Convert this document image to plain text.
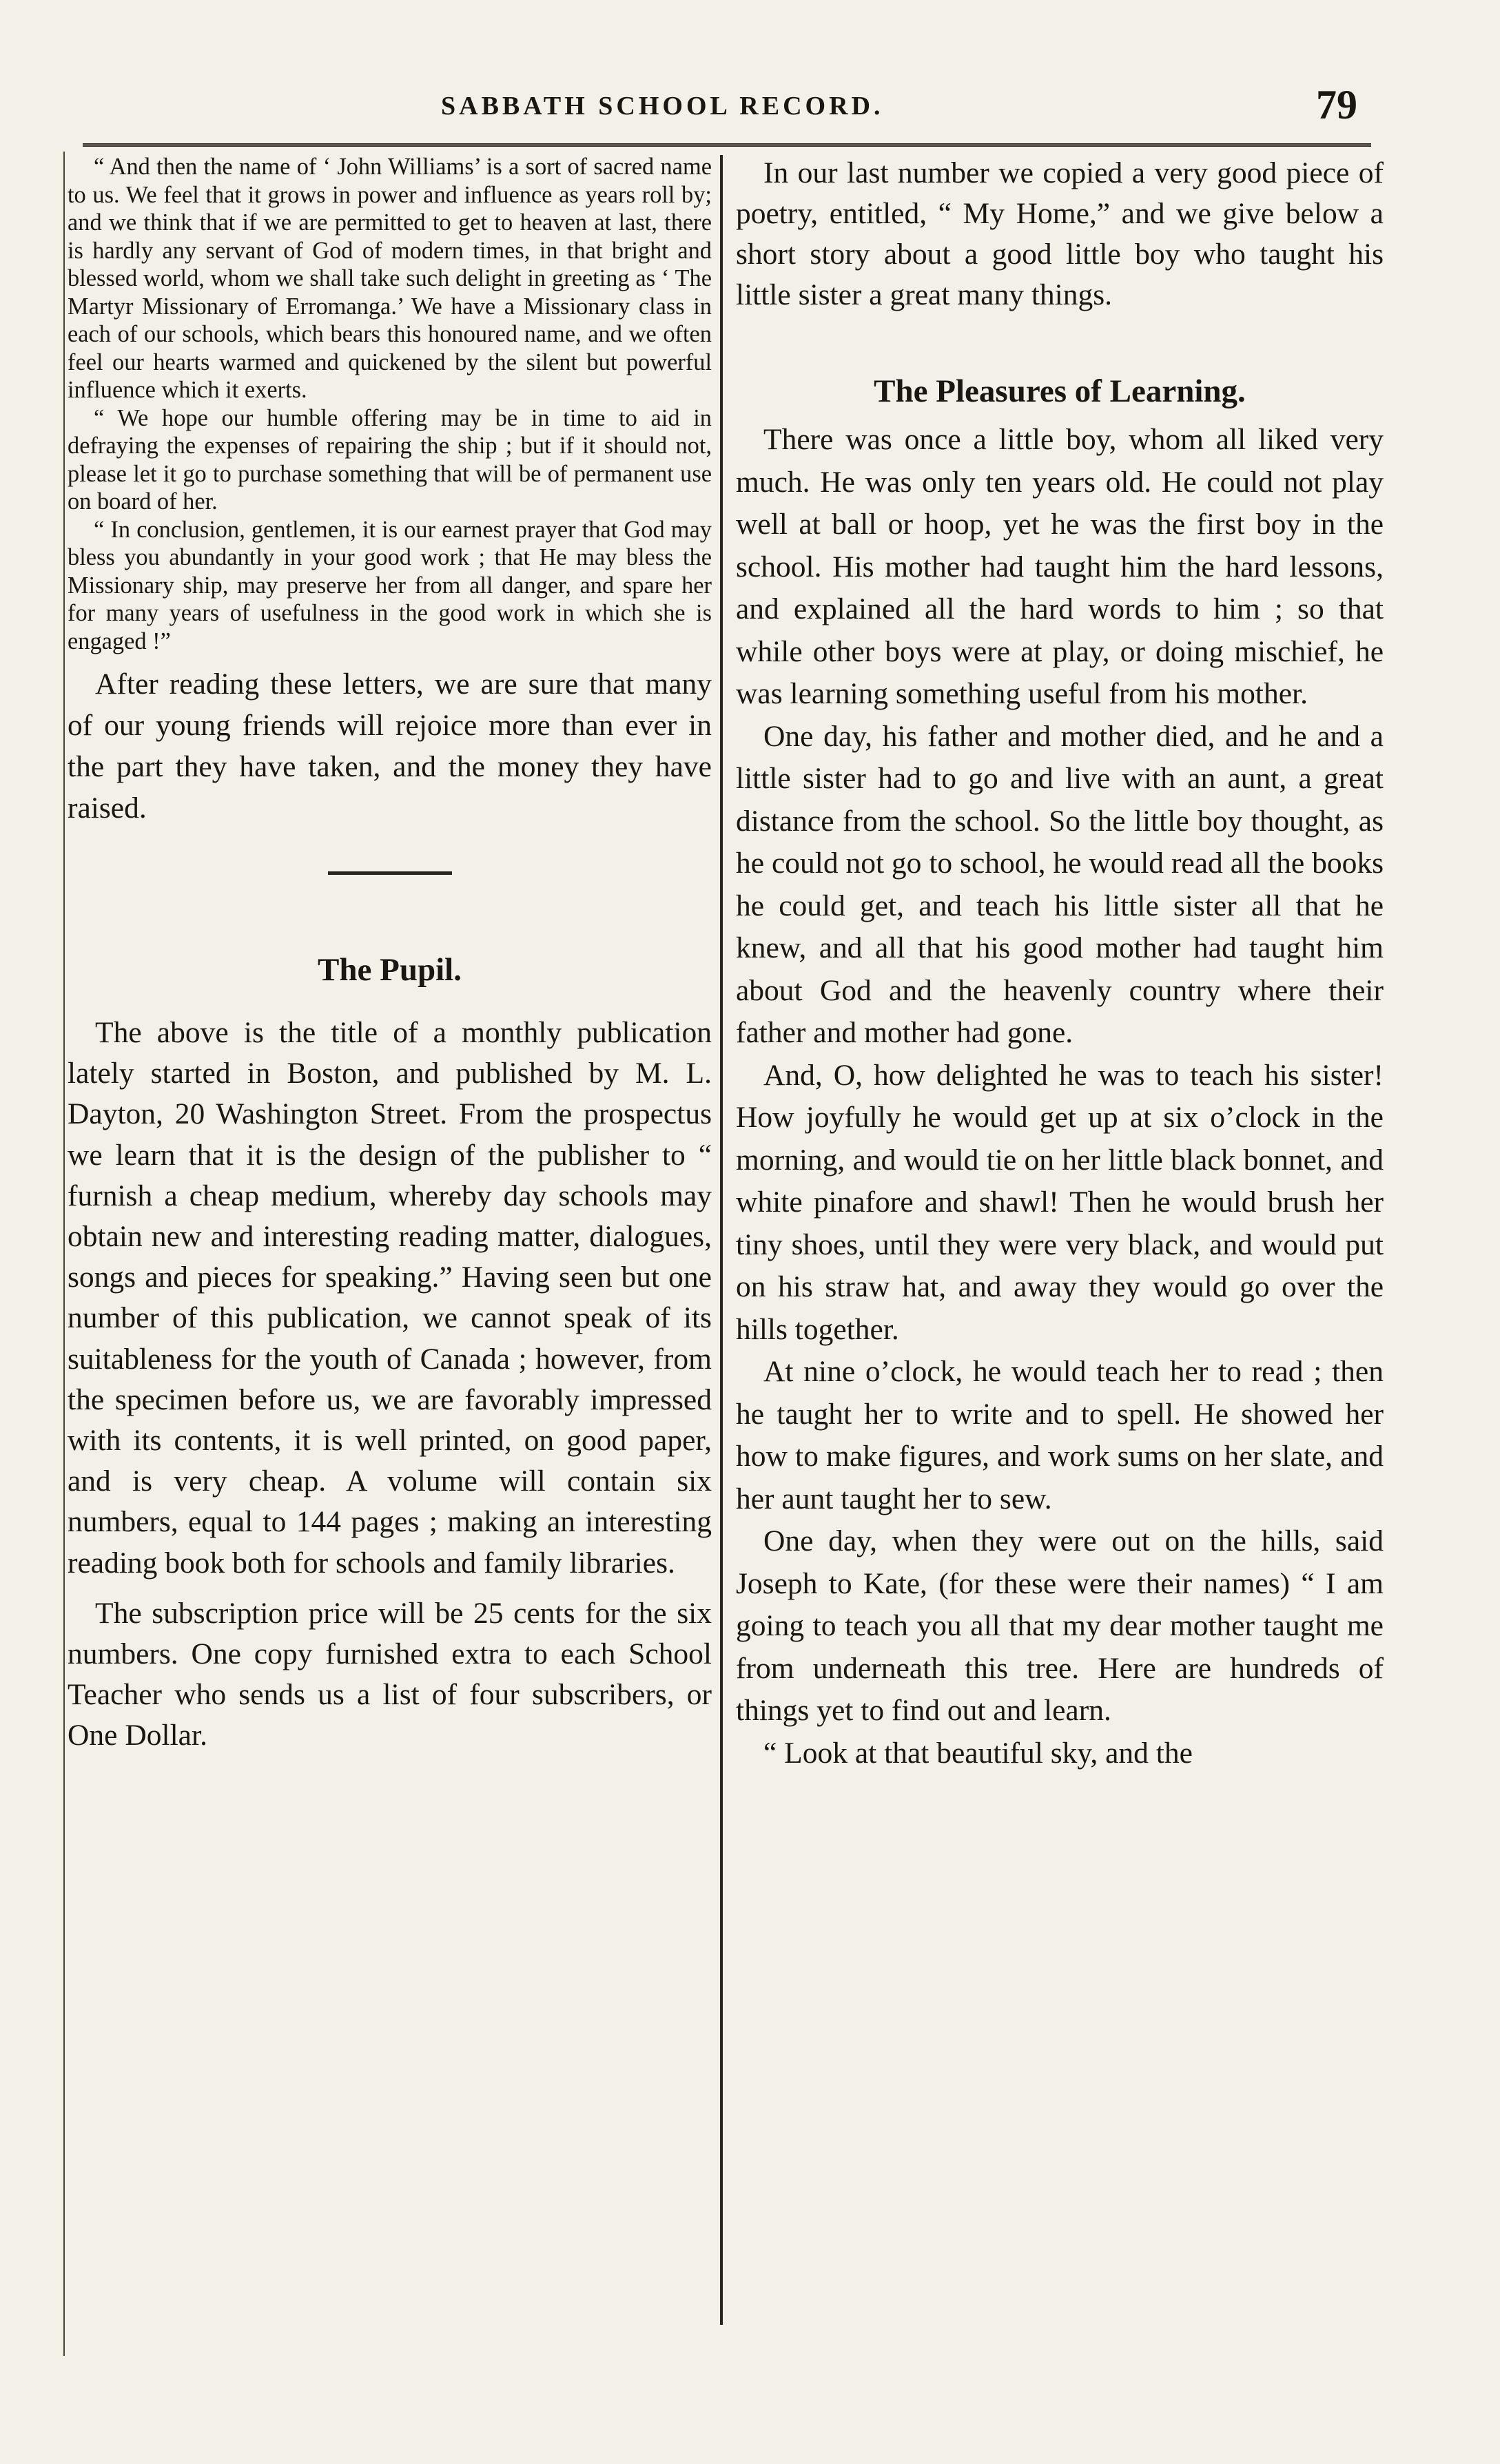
SABBATH SCHOOL RECORD.	79

“ And then the name of ‘ John Williams’ is a sort of sacred name to us. We feel that it grows in power and influence as years roll by; and we think that if we are permitted to get to heaven at last, there is hardly any servant of God of modern times, in that bright and blessed world, whom we shall take such delight in greeting as ‘ The Martyr Missionary of Erromanga.’ We have a Missionary class in each of our schools, which bears this honoured name, and we often feel our hearts warmed and quickened by the silent but powerful influence which it exerts.

“ We hope our humble offering may be in time to aid in defraying the expenses of repairing the ship ; but if it should not, please let it go to purchase something that will be of permanent use on board of her.

“ In conclusion, gentlemen, it is our earnest prayer that God may bless you abundantly in your good work ; that He may bless the Missionary ship, may preserve her from all danger, and spare her for many years of usefulness in the good work in which she is engaged !”

After reading these letters, we are sure that many of our young friends will rejoice more than ever in the part they have taken, and the money they have raised.

The Pupil.

The above is the title of a monthly publication lately started in Boston, and published by M. L. Dayton, 20 Washington Street. From the prospectus we learn that it is the design of the publisher to “ furnish a cheap medium, whereby day schools may obtain new and interesting reading matter, dialogues, songs and pieces for speaking.” Having seen but one number of this publication, we cannot speak of its suitableness for the youth of Canada ; however, from the specimen before us, we are favorably impressed with its contents, it is well printed, on good paper, and is very cheap. A volume will contain six numbers, equal to 144 pages ; making an interesting reading book both for schools and family libraries.

The subscription price will be 25 cents for the six numbers. One copy furnished extra to each School Teacher who sends us a list of four subscribers, or One Dollar.

In our last number we copied a very good piece of poetry, entitled, “ My Home,” and we give below a short story about a good little boy who taught his little sister a great many things.

The Pleasures of Learning.

There was once a little boy, whom all liked very much. He was only ten years old. He could not play well at ball or hoop, yet he was the first boy in the school. His mother had taught him the hard lessons, and explained all the hard words to him ; so that while other boys were at play, or doing mischief, he was learning something useful from his mother.

One day, his father and mother died, and he and a little sister had to go and live with an aunt, a great distance from the school. So the little boy thought, as he could not go to school, he would read all the books he could get, and teach his little sister all that he knew, and all that his good mother had taught him about God and the heavenly country where their father and mother had gone.

And, O, how delighted he was to teach his sister! How joyfully he would get up at six o’clock in the morning, and would tie on her little black bonnet, and white pinafore and shawl! Then he would brush her tiny shoes, until they were very black, and would put on his straw hat, and away they would go over the hills together.

At nine o’clock, he would teach her to read ; then he taught her to write and to spell. He showed her how to make figures, and work sums on her slate, and her aunt taught her to sew.

One day, when they were out on the hills, said Joseph to Kate, (for these were their names) “ I am going to teach you all that my dear mother taught me from underneath this tree. Here are hundreds of things yet to find out and learn.

“ Look at that beautiful sky, and the
